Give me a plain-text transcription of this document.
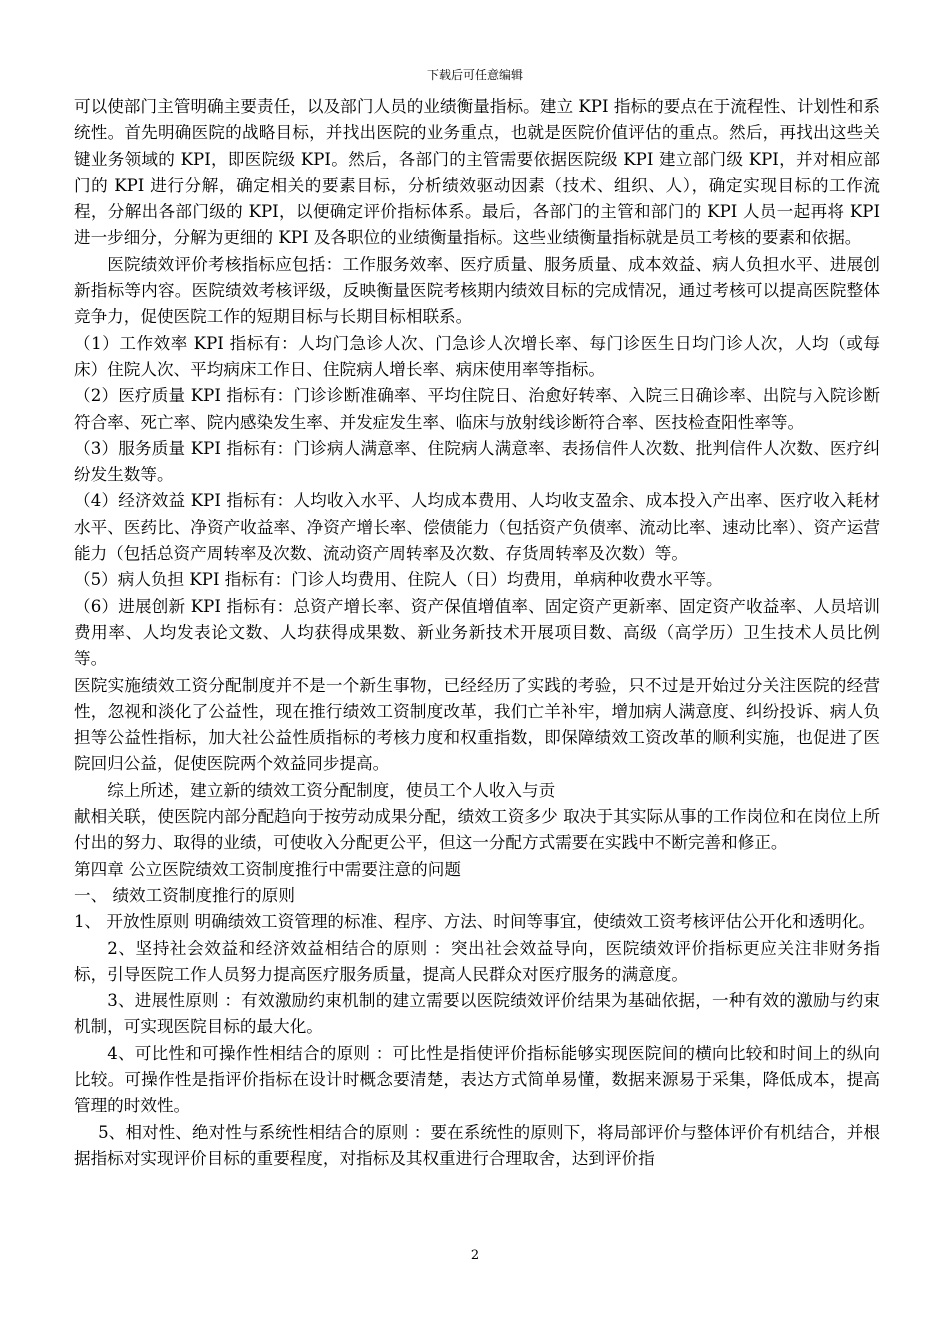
下载后可任意编辑

可以使部门主管明确主要责任，以及部门人员的业绩衡量指标。建立 KPI 指标的要点在于流程性、计划性和系统性。首先明确医院的战略目标，并找出医院的业务重点，也就是医院价值评估的重点。然后，再找出这些关键业务领域的 KPI，即医院级 KPI。然后，各部门的主管需要依据医院级 KPI 建立部门级 KPI，并对相应部门的 KPI 进行分解，确定相关的要素目标，分析绩效驱动因素（技术、组织、人），确定实现目标的工作流程，分解出各部门级的 KPI，以便确定评价指标体系。最后，各部门的主管和部门的 KPI 人员一起再将 KPI 进一步细分，分解为更细的 KPI 及各职位的业绩衡量指标。这些业绩衡量指标就是员工考核的要素和依据。

医院绩效评价考核指标应包括：工作服务效率、医疗质量、服务质量、成本效益、病人负担水平、进展创新指标等内容。医院绩效考核评级，反映衡量医院考核期内绩效目标的完成情况，通过考核可以提高医院整体竞争力，促使医院工作的短期目标与长期目标相联系。

（1）工作效率 KPI 指标有：人均门急诊人次、门急诊人次增长率、每门诊医生日均门诊人次，人均（或每床）住院人次、平均病床工作日、住院病人增长率、病床使用率等指标。

（2）医疗质量 KPI 指标有：门诊诊断准确率、平均住院日、治愈好转率、入院三日确诊率、出院与入院诊断符合率、死亡率、院内感染发生率、并发症发生率、临床与放射线诊断符合率、医技检查阳性率等。

（3）服务质量 KPI 指标有：门诊病人满意率、住院病人满意率、表扬信件人次数、批判信件人次数、医疗纠纷发生数等。

（4）经济效益 KPI 指标有：人均收入水平、人均成本费用、人均收支盈余、成本投入产出率、医疗收入耗材水平、医药比、净资产收益率、净资产增长率、偿债能力（包括资产负债率、流动比率、速动比率）、资产运营能力（包括总资产周转率及次数、流动资产周转率及次数、存货周转率及次数）等。

（5）病人负担 KPI 指标有：门诊人均费用、住院人（日）均费用，单病种收费水平等。

（6）进展创新 KPI 指标有：总资产增长率、资产保值增值率、固定资产更新率、固定资产收益率、人员培训费用率、人均发表论文数、人均获得成果数、新业务新技术开展项目数、高级（高学历）卫生技术人员比例等。

医院实施绩效工资分配制度并不是一个新生事物，已经经历了实践的考验，只不过是开始过分关注医院的经营性，忽视和淡化了公益性，现在推行绩效工资制度改革，我们亡羊补牢，增加病人满意度、纠纷投诉、病人负担等公益性指标，加大社公益性质指标的考核力度和权重指数，即保障绩效工资改革的顺利实施，也促进了医院回归公益，促使医院两个效益同步提高。

综上所述，建立新的绩效工资分配制度，使员工个人收入与贡

献相关联，使医院内部分配趋向于按劳动成果分配，绩效工资多少 取决于其实际从事的工作岗位和在岗位上所付出的努力、取得的业绩，可使收入分配更公平，但这一分配方式需要在实践中不断完善和修正。

第四章 公立医院绩效工资制度推行中需要注意的问题

一、 绩效工资制度推行的原则

1、 开放性原则 明确绩效工资管理的标准、程序、方法、时间等事宜，使绩效工资考核评估公开化和透明化。

2、坚持社会效益和经济效益相结合的原则 ：突出社会效益导向，医院绩效评价指标更应关注非财务指标，引导医院工作人员努力提高医疗服务质量，提高人民群众对医疗服务的满意度。

3、进展性原则 ：有效激励约束机制的建立需要以医院绩效评价结果为基础依据，一种有效的激励与约束机制，可实现医院目标的最大化。

4、可比性和可操作性相结合的原则 ：可比性是指使评价指标能够实现医院间的横向比较和时间上的纵向比较。可操作性是指评价指标在设计时概念要清楚，表达方式简单易懂，数据来源易于采集，降低成本，提高管理的时效性。

5、相对性、绝对性与系统性相结合的原则 ：要在系统性的原则下，将局部评价与整体评价有机结合，并根据指标对实现评价目标的重要程度，对指标及其权重进行合理取舍，达到评价指

2
